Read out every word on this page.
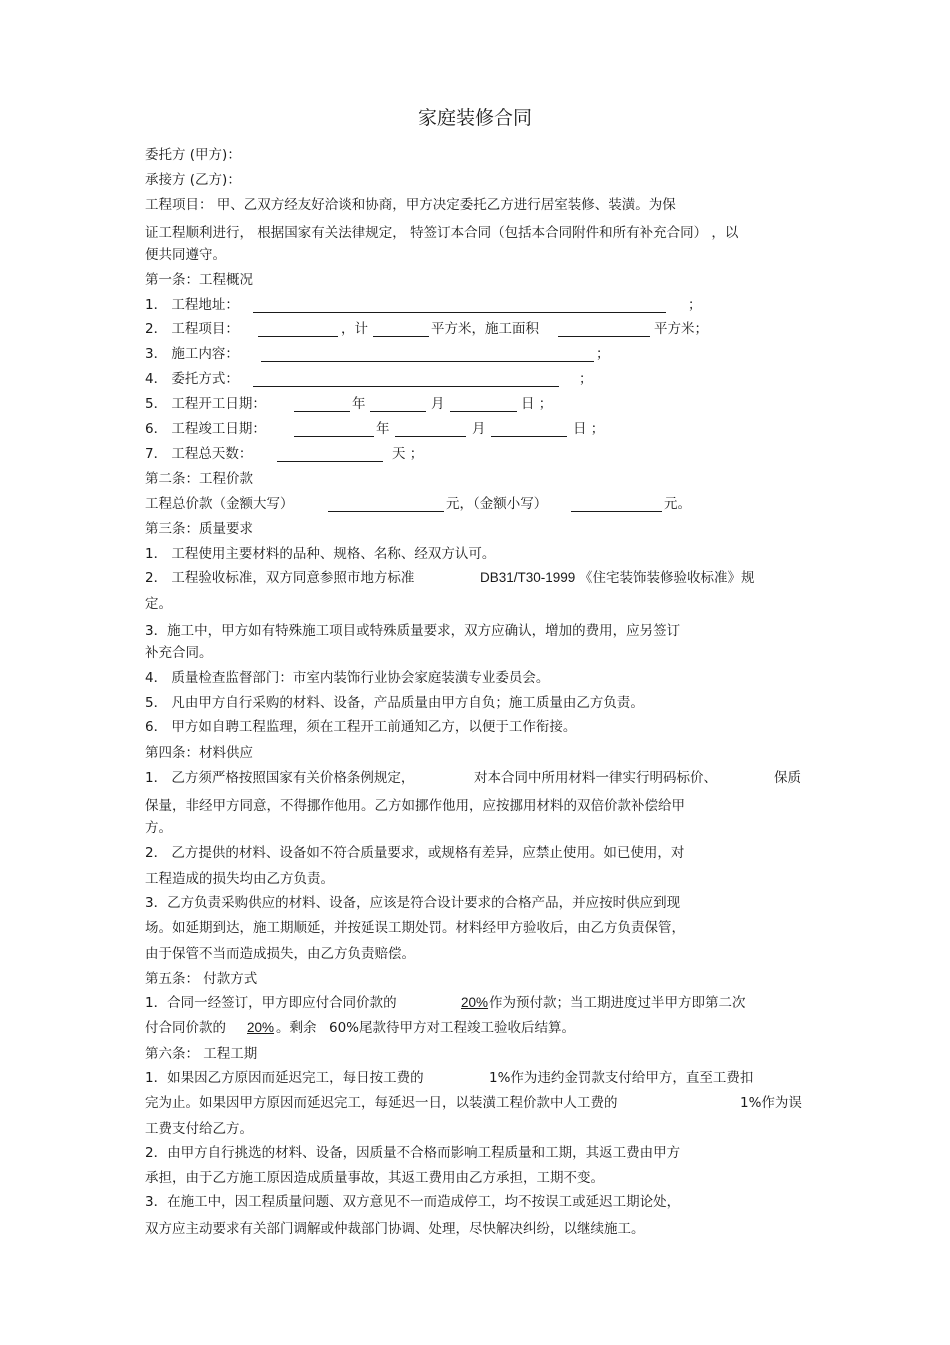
家庭装修合同
委托方 (甲方)：
承接方 (乙方)：
工程项目： 甲、乙双方经友好洽谈和协商，甲方决定委托乙方进行居室装修、装潢。为保
证工程顺利进行， 根据国家有关法律规定， 特签订本合同（包括本合同附件和所有补充合同） ，以
便共同遵守。
第一条：工程概况
1． 工程地址：	；
2． 工程项目：	，计	平方米，施工面积	平方米；
3． 施工内容：	；
4． 委托方式：	；
5． 工程开工日期：	年	月	日 ；
6． 工程竣工日期：	年	月	日 ；
7． 工程总天数：	天 ；
第二条：工程价款
工程总价款（金额大写）	元，（金额小写）	元。
第三条：质量要求
1． 工程使用主要材料的品种、规格、名称、经双方认可。
2． 工程验收标准，双方同意参照市地方标准	DB31/T30-1999 《住宅装饰装修验收标准》规
定。
3．施工中，甲方如有特殊施工项目或特殊质量要求，双方应确认，增加的费用，应另签订
补充合同。
4． 质量检查监督部门：市室内装饰行业协会家庭装潢专业委员会。
5． 凡由甲方自行采购的材料、设备，产品质量由甲方自负；施工质量由乙方负责。
6． 甲方如自聘工程监理，须在工程开工前通知乙方，以便于工作衔接。
第四条：材料供应
1． 乙方须严格按照国家有关价格条例规定，	对本合同中所用材料一律实行明码标价、	保质
保量，非经甲方同意，不得挪作他用。乙方如挪作他用，应按挪用材料的双倍价款补偿给甲
方。
2． 乙方提供的材料、设备如不符合质量要求，或规格有差异，应禁止使用。如已使用，对
工程造成的损失均由乙方负责。
3．乙方负责采购供应的材料、设备，应该是符合设计要求的合格产品，并应按时供应到现
场。如延期到达，施工期顺延，并按延误工期处罚。材料经甲方验收后，由乙方负责保管，
由于保管不当而造成损失，由乙方负责赔偿。
第五条： 付款方式
1．合同一经签订，甲方即应付合同价款的	20% 作为预付款；当工期进度过半甲方即第二次
付合同价款的 20% 。剩余 60%尾款待甲方对工程竣工验收后结算。
第六条： 工程工期
1．如果因乙方原因而延迟完工，每日按工费的	1%作为违约金罚款支付给甲方，直至工费扣
完为止。如果因甲方原因而延迟完工，每延迟一日，以装潢工程价款中人工费的	1%作为误
工费支付给乙方。
2．由甲方自行挑选的材料、设备，因质量不合格而影响工程质量和工期，其返工费由甲方
承担，由于乙方施工原因造成质量事故，其返工费用由乙方承担，工期不变。
3．在施工中，因工程质量问题、双方意见不一而造成停工，均不按误工或延迟工期论处，
双方应主动要求有关部门调解或仲裁部门协调、处理，尽快解决纠纷，以继续施工。
